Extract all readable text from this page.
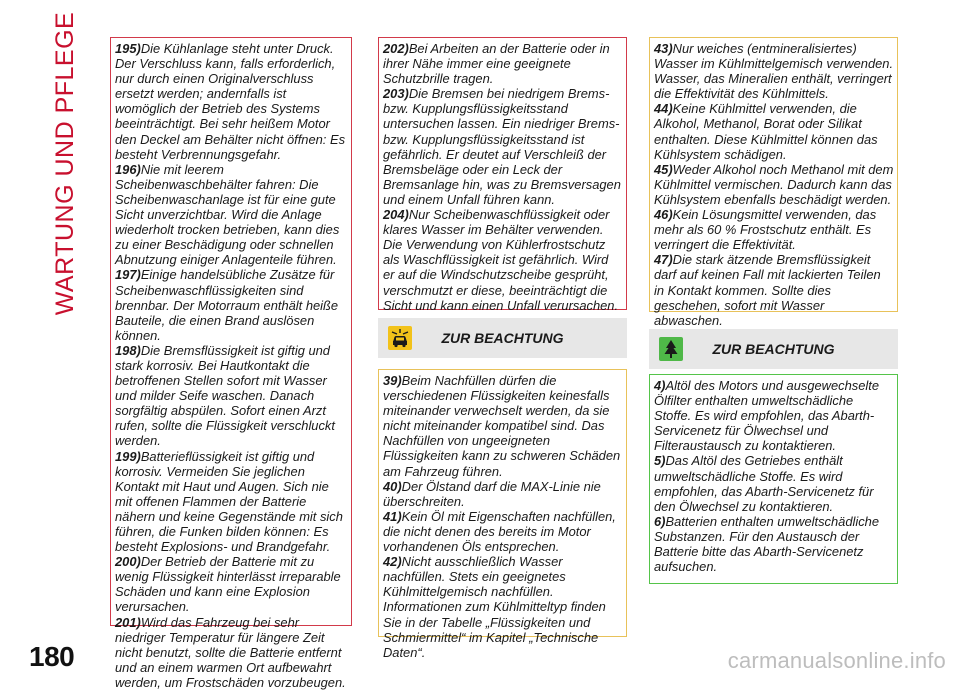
WARTUNG UND PFLEGE	195)Die Kühlanlage steht unter Druck. Der Verschluss kann, falls erforderlich, nur durch einen Originalverschluss ersetzt werden; andernfalls ist womöglich der Betrieb des Systems beeinträchtigt. Bei sehr heißem Motor den Deckel am Behälter nicht öffnen: Es besteht Verbrennungsgefahr.
196)Nie mit leerem Scheibenwaschbehälter fahren: Die Scheibenwaschanlage ist für eine gute Sicht unverzichtbar. Wird die Anlage wiederholt trocken betrieben, kann dies zu einer Beschädigung oder schnellen Abnutzung einiger Anlagenteile führen.
197)Einige handelsübliche Zusätze für Scheibenwaschflüssigkeiten sind brennbar. Der Motorraum enthält heiße Bauteile, die einen Brand auslösen können.
198)Die Bremsflüssigkeit ist giftig und stark korrosiv. Bei Hautkontakt die betroffenen Stellen sofort mit Wasser und milder Seife waschen. Danach sorgfältig abspülen. Sofort einen Arzt rufen, sollte die Flüssigkeit verschluckt werden.
199)Batterieflüssigkeit ist giftig und korrosiv. Vermeiden Sie jeglichen Kontakt mit Haut und Augen. Sich nie mit offenen Flammen der Batterie nähern und keine Gegenstände mit sich führen, die Funken bilden können: Es besteht Explosions- und Brandgefahr.
200)Der Betrieb der Batterie mit zu wenig Flüssigkeit hinterlässt irreparable Schäden und kann eine Explosion verursachen.
201)Wird das Fahrzeug bei sehr niedriger Temperatur für längere Zeit nicht benutzt, sollte die Batterie entfernt und an einem warmen Ort aufbewahrt werden, um Frostschäden vorzubeugen.
202)Bei Arbeiten an der Batterie oder in ihrer Nähe immer eine geeignete Schutzbrille tragen.
203)Die Bremsen bei niedrigem Brems- bzw. Kupplungsflüssigkeitsstand untersuchen lassen. Ein niedriger Brems- bzw. Kupplungsflüssigkeitsstand ist gefährlich. Er deutet auf Verschleiß der Bremsbeläge oder ein Leck der Bremsanlage hin, was zu Bremsversagen und einem Unfall führen kann.
204)Nur Scheibenwaschflüssigkeit oder klares Wasser im Behälter verwenden. Die Verwendung von Kühlerfrostschutz als Waschflüssigkeit ist gefährlich. Wird er auf die Windschutzscheibe gesprüht, verschmutzt er diese, beeinträchtigt die Sicht und kann einen Unfall verursachen.
ZUR BEACHTUNG
39)Beim Nachfüllen dürfen die verschiedenen Flüssigkeiten keinesfalls miteinander verwechselt werden, da sie nicht miteinander kompatibel sind. Das Nachfüllen von ungeeigneten Flüssigkeiten kann zu schweren Schäden am Fahrzeug führen.
40)Der Ölstand darf die MAX-Linie nie überschreiten.
41)Kein Öl mit Eigenschaften nachfüllen, die nicht denen des bereits im Motor vorhandenen Öls entsprechen.
42)Nicht ausschließlich Wasser nachfüllen. Stets ein geeignetes Kühlmittelgemisch nachfüllen. Informationen zum Kühlmitteltyp finden Sie in der Tabelle „Flüssigkeiten und Schmiermittel“ im Kapitel „Technische Daten“.
43)Nur weiches (entmineralisiertes) Wasser im Kühlmittelgemisch verwenden. Wasser, das Mineralien enthält, verringert die Effektivität des Kühlmittels.
44)Keine Kühlmittel verwenden, die Alkohol, Methanol, Borat oder Silikat enthalten. Diese Kühlmittel können das Kühlsystem schädigen.
45)Weder Alkohol noch Methanol mit dem Kühlmittel vermischen. Dadurch kann das Kühlsystem ebenfalls beschädigt werden.
46)Kein Lösungsmittel verwenden, das mehr als 60 % Frostschutz enthält. Es verringert die Effektivität.
47)Die stark ätzende Bremsflüssigkeit darf auf keinen Fall mit lackierten Teilen in Kontakt kommen. Sollte dies geschehen, sofort mit Wasser abwaschen.
ZUR BEACHTUNG
4)Altöl des Motors und ausgewechselte Ölfilter enthalten umweltschädliche Stoffe. Es wird empfohlen, das Abarth-Servicenetz für Ölwechsel und Filteraustausch zu kontaktieren.
5)Das Altöl des Getriebes enthält umweltschädliche Stoffe. Es wird empfohlen, das Abarth-Servicenetz für den Ölwechsel zu kontaktieren.
6)Batterien enthalten umweltschädliche Substanzen. Für den Austausch der Batterie bitte das Abarth-Servicenetz aufsuchen.
180	carmanualsonline.info
